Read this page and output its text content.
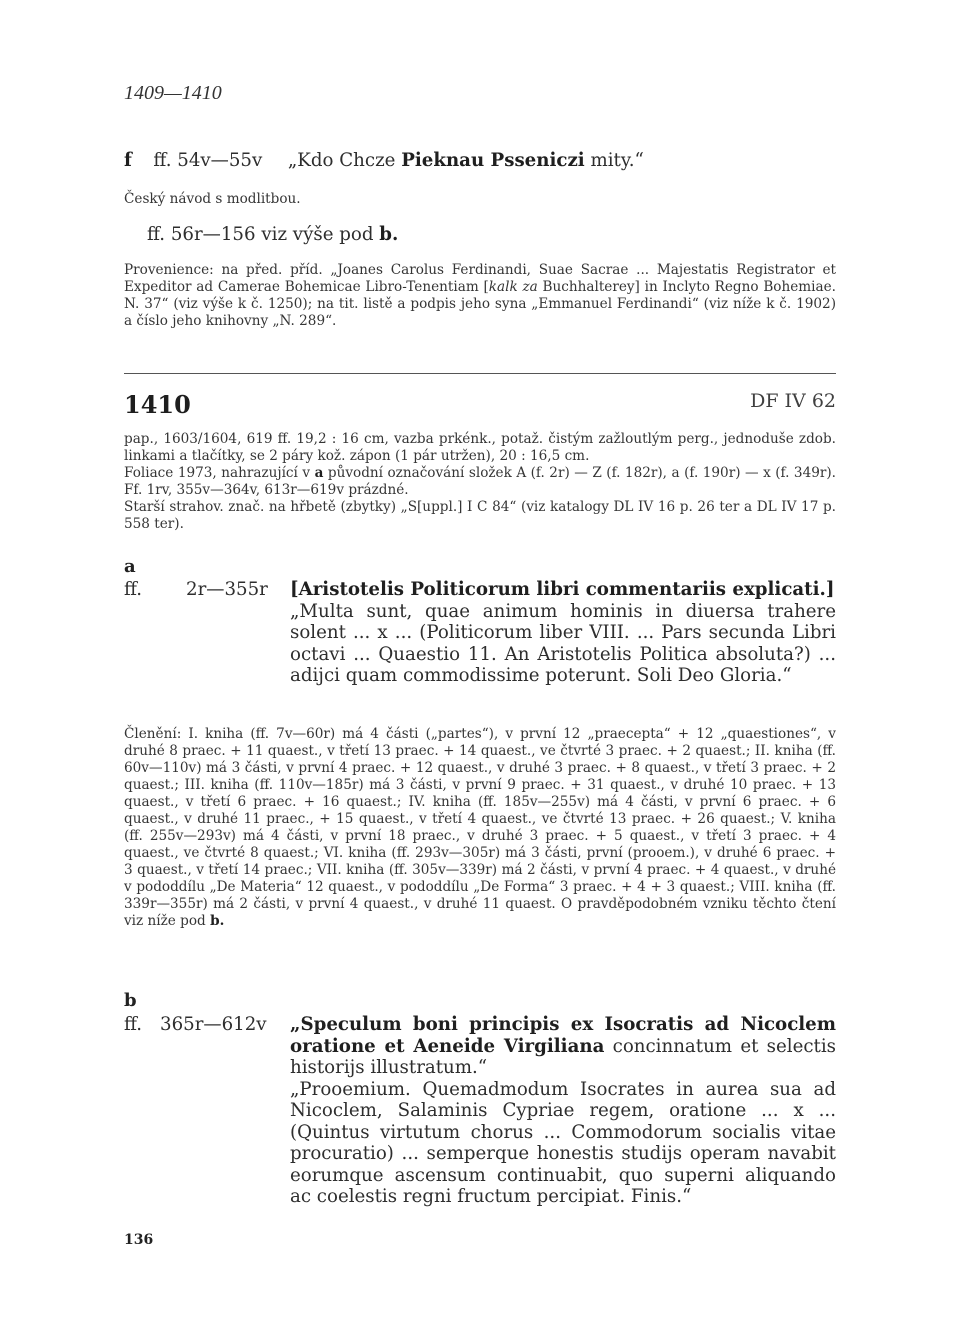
1409—1410
f ff. 54v—55v „Kdo Chcze Pieknau Psseniczi mity.“
Český návod s modlitbou.
ff. 56r—156 viz výše pod b.
Provenience: na před. příd. „Joanes Carolus Ferdinandi, Suae Sacrae ... Majestatis Registrator et Expeditor ad Camerae Bohemicae Libro-Tenentiam [kalk za Buchhalterey] in Inclyto Regno Bohemiae. N. 37“ (viz výše k č. 1250); na tit. listě a podpis jeho syna „Emmanuel Ferdinandi“ (viz níže k č. 1902) a číslo jeho knihovny „N. 289“.
1410	DF IV 62
pap., 1603/1604, 619 ff. 19,2 : 16 cm, vazba prkénk., potaž. čistým zažloutlým perg., jednoduše zdob. linkami a tlačítky, se 2 páry kož. zápon (1 pár utržen), 20 : 16,5 cm.
Foliace 1973, nahrazující v a původní označování složek A (f. 2r) — Z (f. 182r), a (f. 190r) — x (f. 349r). Ff. 1rv, 355v—364v, 613r—619v prázdné.
Starší strahov. znač. na hřbetě (zbytky) „S[uppl.] I C 84“ (viz katalogy DL IV 16 p. 26 ter a DL IV 17 p. 558 ter).
a
ff. 2r—355r [Aristotelis Politicorum libri commentariis explicati.]
„Multa sunt, quae animum hominis in diuersa trahere solent ... x ... (Politicorum liber VIII. ... Pars secunda Libri octavi ... Quaestio 11. An Aristotelis Politica absoluta?) ... adijci quam commodissime poterunt. Soli Deo Gloria.“
Členění: I. kniha (ff. 7v—60r) má 4 části („partes“), v první 12 „praecepta“ + 12 „quaestiones“, v druhé 8 praec. + 11 quaest., v třetí 13 praec. + 14 quaest., ve čtvrté 3 praec. + 2 quaest.; II. kniha (ff. 60v—110v) má 3 části, v první 4 praec. + 12 quaest., v druhé 3 praec. + 8 quaest., v třetí 3 praec. + 2 quaest.; III. kniha (ff. 110v—185r) má 3 části, v první 9 praec. + 31 quaest., v druhé 10 praec. + 13 quaest., v třetí 6 praec. + 16 quaest.; IV. kniha (ff. 185v—255v) má 4 části, v první 6 praec. + 6 quaest., v druhé 11 praec., + 15 quaest., v třetí 4 quaest., ve čtvrté 13 praec. + 26 quaest.; V. kniha (ff. 255v—293v) má 4 části, v první 18 praec., v druhé 3 praec. + 5 quaest., v třetí 3 praec. + 4 quaest., ve čtvrté 8 quaest.; VI. kniha (ff. 293v—305r) má 3 části, první (prooem.), v druhé 6 praec. + 3 quaest., v třetí 14 praec.; VII. kniha (ff. 305v—339r) má 2 části, v první 4 praec. + 4 quaest., v druhé v pododdílu „De Materia“ 12 quaest., v pododdílu „De Forma“ 3 praec. + 4 + 3 quaest.; VIII. kniha (ff. 339r—355r) má 2 části, v první 4 quaest., v druhé 11 quaest. O pravděpodobném vzniku těchto čtení viz níže pod b.
b
ff. 365r—612v „Speculum boni principis ex Isocratis ad Nicoclem oratione et Aeneide Virgiliana concinnatum et selectis historijs illustratum.“
„Prooemium. Quemadmodum Isocrates in aurea sua ad Nicoclem, Salaminis Cypriae regem, oratione ... x ... (Quintus virtutum chorus ... Commodorum socialis vitae procuratio) ... semperque honestis studijs operam navabit eorumque ascensum continuabit, quo superni aliquando ac coelestis regni fructum percipiat. Finis.“
136
